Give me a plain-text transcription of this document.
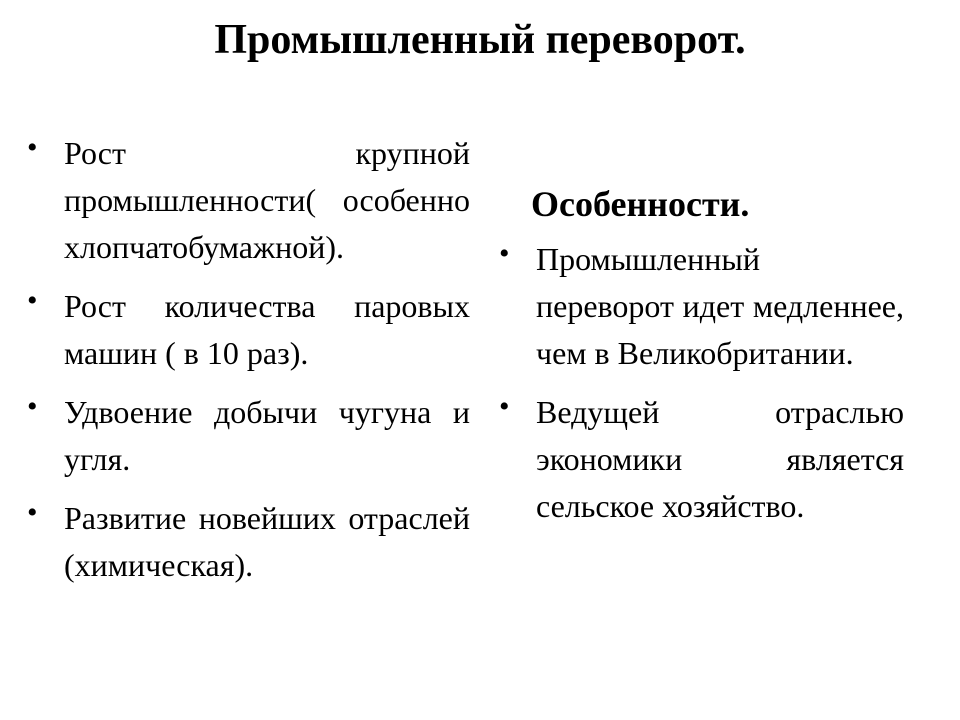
Промышленный переворот.
• Рост крупной промышленности( особенно хлопчатобумажной).
• Рост количества паровых машин ( в 10 раз).
• Удвоение добычи чугуна и угля.
• Развитие новейших отраслей (химическая).
Особенности.
• Промышленный переворот идет медленнее, чем в Великобритании.
• Ведущей отраслью экономики является сельское хозяйство.
